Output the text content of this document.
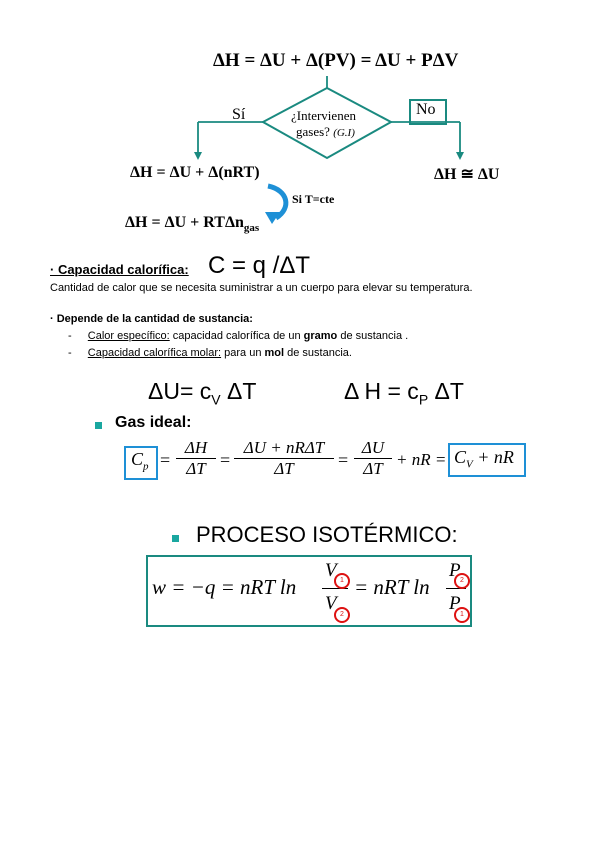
ΔH = ΔU + Δ(PV) = ΔU + PΔV
Sí	No
¿Intervienen
gases? (G.I)
ΔH = ΔU + Δ(nRT)	ΔH ≅ ΔU
Si T=cte
ΔH = ΔU + RTΔn$_{gas}$
· Capacidad calorífica: C = q /ΔT
Cantidad de calor que se necesita suministrar a un cuerpo para elevar su temperatura.
· Depende de la cantidad de sustancia:
- Calor específico: capacidad calorífica de un gramo de sustancia .
- Capacidad calorífica molar: para un mol de sustancia.
$\Delta U= c_V$ ΔT	Δ $H = c_P$ ΔT
Gas ideal:
$C_p = \frac{\Delta H}{\Delta T}$ =
ΔU + nRΔT
ΔT	= $\frac{\Delta U}{\Delta T}$ + nR = $C_V$ + nR
PROCESO ISOTÉRMICO:
w = −q = nRT ln
V
V
1
2
= nRT ln
P
P
2
1
